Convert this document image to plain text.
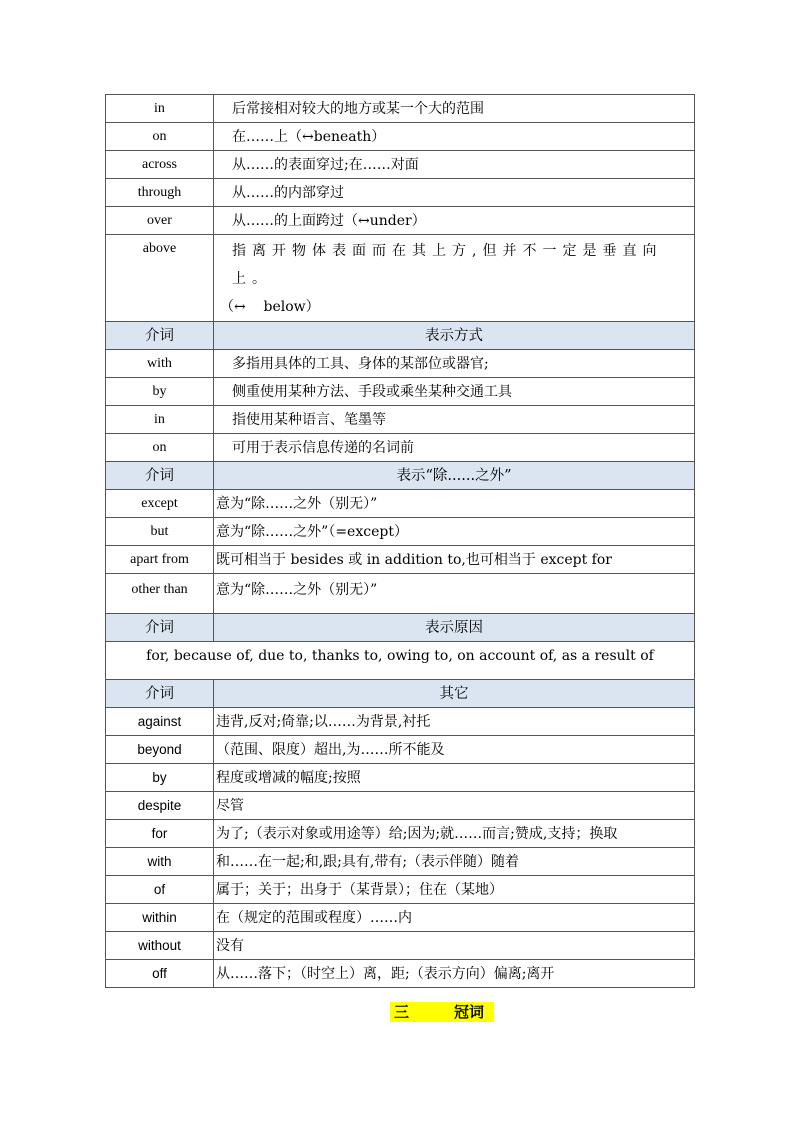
in	后常接相对较大的地方或某一个大的范围
on	在……上（↔beneath）
across	从……的表面穿过;在……对面
through	从……的内部穿过
over	从……的上面跨过（↔under）
above	指离开物体表面而在其上方,但并不一定是垂直向上。
（↔    below）

介词	表示方式
with	多指用具体的工具、身体的某部位或器官;
by	侧重使用某种方法、手段或乘坐某种交通工具
in	指使用某种语言、笔墨等
on	可用于表示信息传递的名词前
介词	表示“除......之外”
except	意为“除……之外（别无）”
but	意为“除……之外”（=except）
apart from	既可相当于 besides 或 in addition to,也可相当于 except for
other than	意为“除……之外（别无）”
介词	表示原因
for, because of, due to, thanks to, owing to, on account of, as a result of	
介词	其它
against	违背,反对;倚靠;以……为背景,衬托
beyond	（范围、限度）超出,为……所不能及
by	程度或增减的幅度;按照
despite	尽管
for	为了;（表示对象或用途等）给;因为;就……而言;赞成,支持；换取
with	和……在一起;和,跟;具有,带有;（表示伴随）随着
of	属于；关于；出身于（某背景）；住在（某地）
within	在（规定的范围或程度）……内
without	没有
off	从……落下；（时空上）离，距;（表示方向）偏离;离开
三	冠词
